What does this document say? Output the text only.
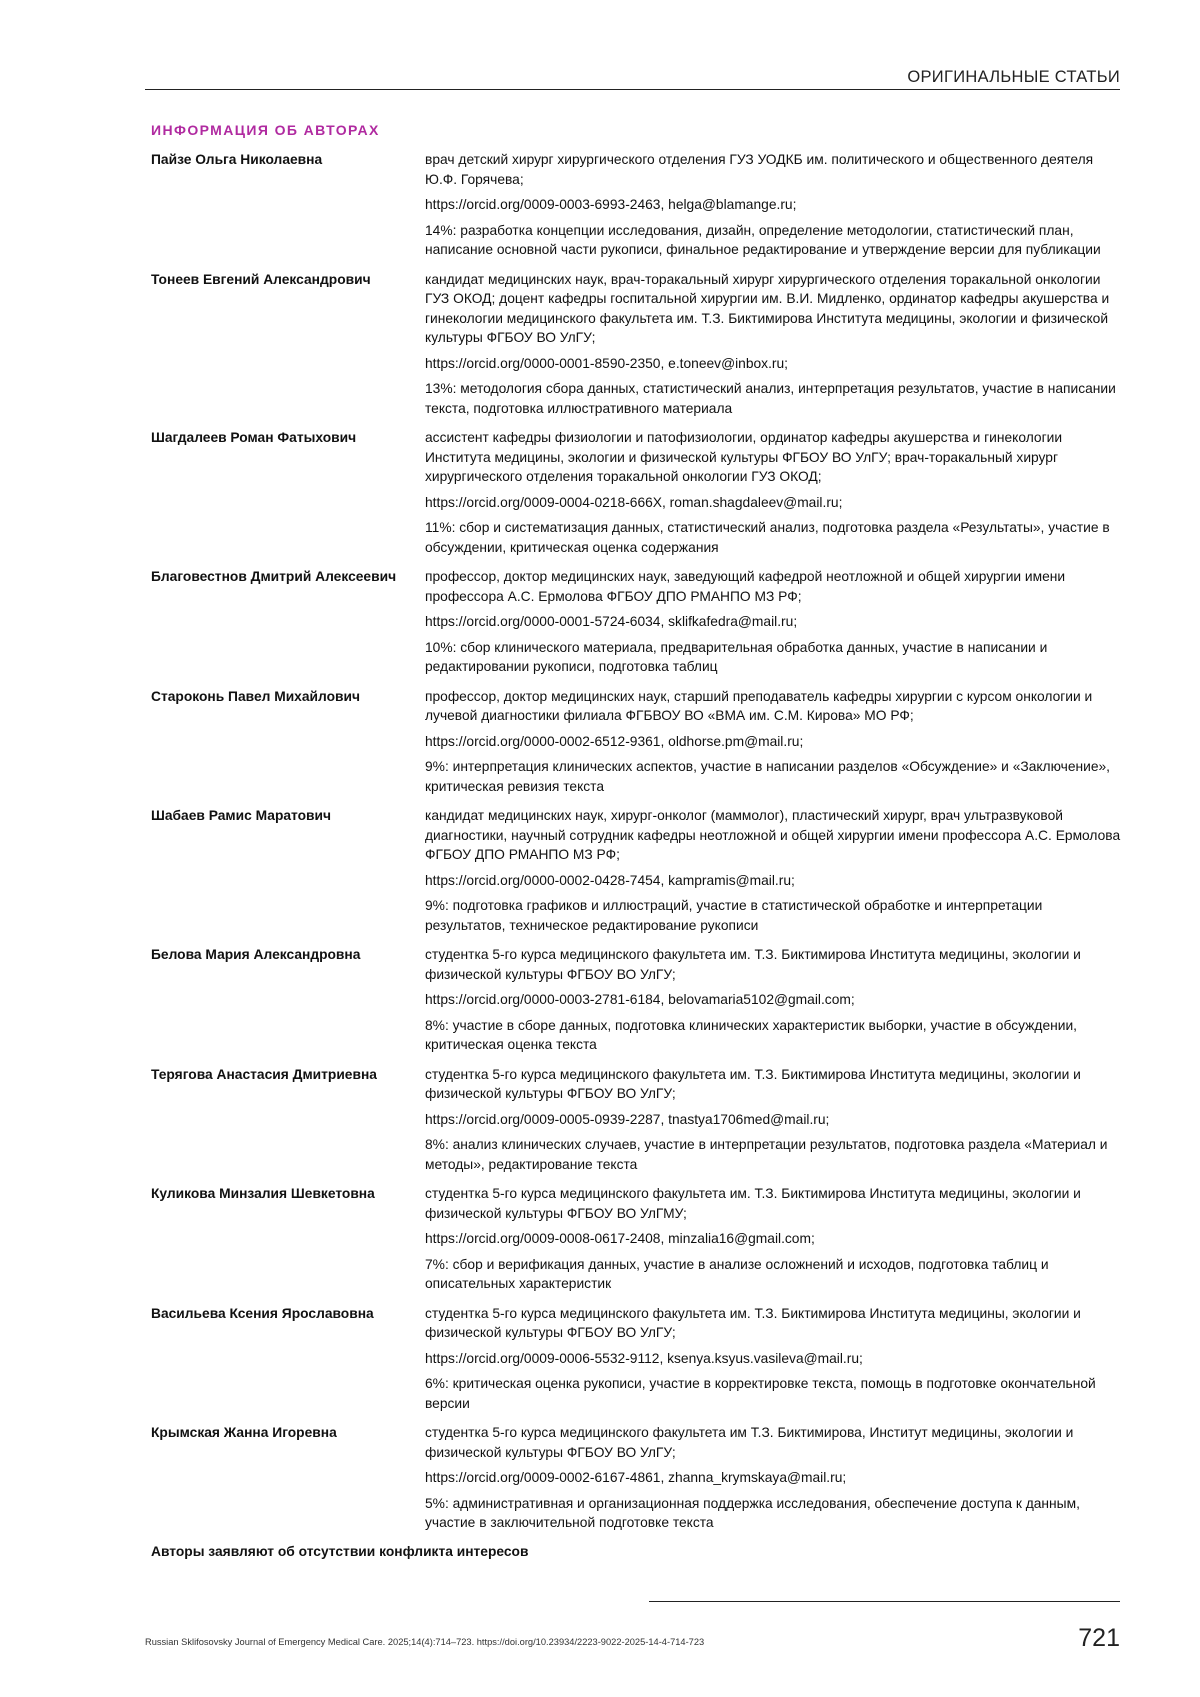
ОРИГИНАЛЬНЫЕ СТАТЬИ
ИНФОРМАЦИЯ ОБ АВТОРАХ
Пайзе Ольга Николаевна	врач детский хирург хирургического отделения ГУЗ УОДКБ им. политического и общественного деятеля Ю.Ф. Горячева;

https://orcid.org/0009-0003-6993-2463, helga@blamange.ru;

14%: разработка концепции исследования, дизайн, определение методологии, статистический план, написание основной части рукописи, финальное редактирование и утверждение версии для публикации

Тонеев Евгений Александрович	кандидат медицинских наук, врач-торакальный хирург хирургического отделения торакальной онкологии ГУЗ ОКОД; доцент кафедры госпитальной хирургии им. В.И. Мидленко, ординатор кафедры акушерства и гинекологии медицинского факультета им. Т.З. Биктимирова Института медицины, экологии и физической культуры ФГБОУ ВО УлГУ;

https://orcid.org/0000-0001-8590-2350, e.toneev@inbox.ru;

13%: методология сбора данных, статистический анализ, интерпретация результатов, участие в написании текста, подготовка иллюстративного материала

Шагдалеев Роман Фатыхович	ассистент кафедры физиологии и патофизиологии, ординатор кафедры акушерства и гинекологии Института медицины, экологии и физической культуры ФГБОУ ВО УлГУ; врач-торакальный хирург хирургического отделения торакальной онкологии ГУЗ ОКОД;

https://orcid.org/0009-0004-0218-666X, roman.shagdaleev@mail.ru;

11%: сбор и систематизация данных, статистический анализ, подготовка раздела «Результаты», участие в обсуждении, критическая оценка содержания

Благовестнов Дмитрий Алексеевич	профессор, доктор медицинских наук, заведующий кафедрой неотложной и общей хирургии имени профессора А.С. Ермолова ФГБОУ ДПО РМАНПО МЗ РФ;

https://orcid.org/0000-0001-5724-6034, sklifkafedra@mail.ru;

10%: сбор клинического материала, предварительная обработка данных, участие в написании и редактировании рукописи, подготовка таблиц

Староконь Павел Михайлович	профессор, доктор медицинских наук, старший преподаватель кафедры хирургии с курсом онкологии и лучевой диагностики филиала ФГБВОУ ВО «ВМА им. С.М. Кирова» МО РФ;

https://orcid.org/0000-0002-6512-9361, oldhorse.pm@mail.ru;

9%: интерпретация клинических аспектов, участие в написании разделов «Обсуждение» и «Заключение», критическая ревизия текста

Шабаев Рамис Маратович	кандидат медицинских наук, хирург-онколог (маммолог), пластический хирург, врач ультразвуковой диагностики, научный сотрудник кафедры неотложной и общей хирургии имени профессора А.С. Ермолова ФГБОУ ДПО РМАНПО МЗ РФ;

https://orcid.org/0000-0002-0428-7454, kampramis@mail.ru;

9%: подготовка графиков и иллюстраций, участие в статистической обработке и интерпретации результатов, техническое редактирование рукописи

Белова Мария Александровна	студентка 5-го курса медицинского факультета им. Т.З. Биктимирова Института медицины, экологии и физической культуры ФГБОУ ВО УлГУ;

https://orcid.org/0000-0003-2781-6184, belovamaria5102@gmail.com;

8%: участие в сборе данных, подготовка клинических характеристик выборки, участие в обсуждении, критическая оценка текста

Терягова Анастасия Дмитриевна	студентка 5-го курса медицинского факультета им. Т.З. Биктимирова Института медицины, экологии и физической культуры ФГБОУ ВО УлГУ;

https://orcid.org/0009-0005-0939-2287, tnastya1706med@mail.ru;

8%: анализ клинических случаев, участие в интерпретации результатов, подготовка раздела «Материал и методы», редактирование текста

Куликова Минзалия Шевкетовна	студентка 5-го курса медицинского факультета им. Т.З. Биктимирова Института медицины, экологии и физической культуры ФГБОУ ВО УлГМУ;

https://orcid.org/0009-0008-0617-2408, minzalia16@gmail.com;

7%: сбор и верификация данных, участие в анализе осложнений и исходов, подготовка таблиц и описательных характеристик

Васильева Ксения Ярославовна	студентка 5-го курса медицинского факультета им. Т.З. Биктимирова Института медицины, экологии и физической культуры ФГБОУ ВО УлГУ;

https://orcid.org/0009-0006-5532-9112, ksenya.ksyus.vasileva@mail.ru;

6%: критическая оценка рукописи, участие в корректировке текста, помощь в подготовке окончательной версии

Крымская Жанна Игоревна	студентка 5-го курса медицинского факультета им Т.З. Биктимирова, Институт медицины, экологии и физической культуры ФГБОУ ВО УлГУ;

https://orcid.org/0009-0002-6167-4861, zhanna_krymskaya@mail.ru;

5%: административная и организационная поддержка исследования, обеспечение доступа к данным, участие в заключительной подготовке текста

Авторы заявляют об отсутствии конфликта интересов
Russian Sklifosovsky Journal of Emergency Medical Care. 2025;14(4):714–723. https://doi.org/10.23934/2223-9022-2025-14-4-714-723	721
